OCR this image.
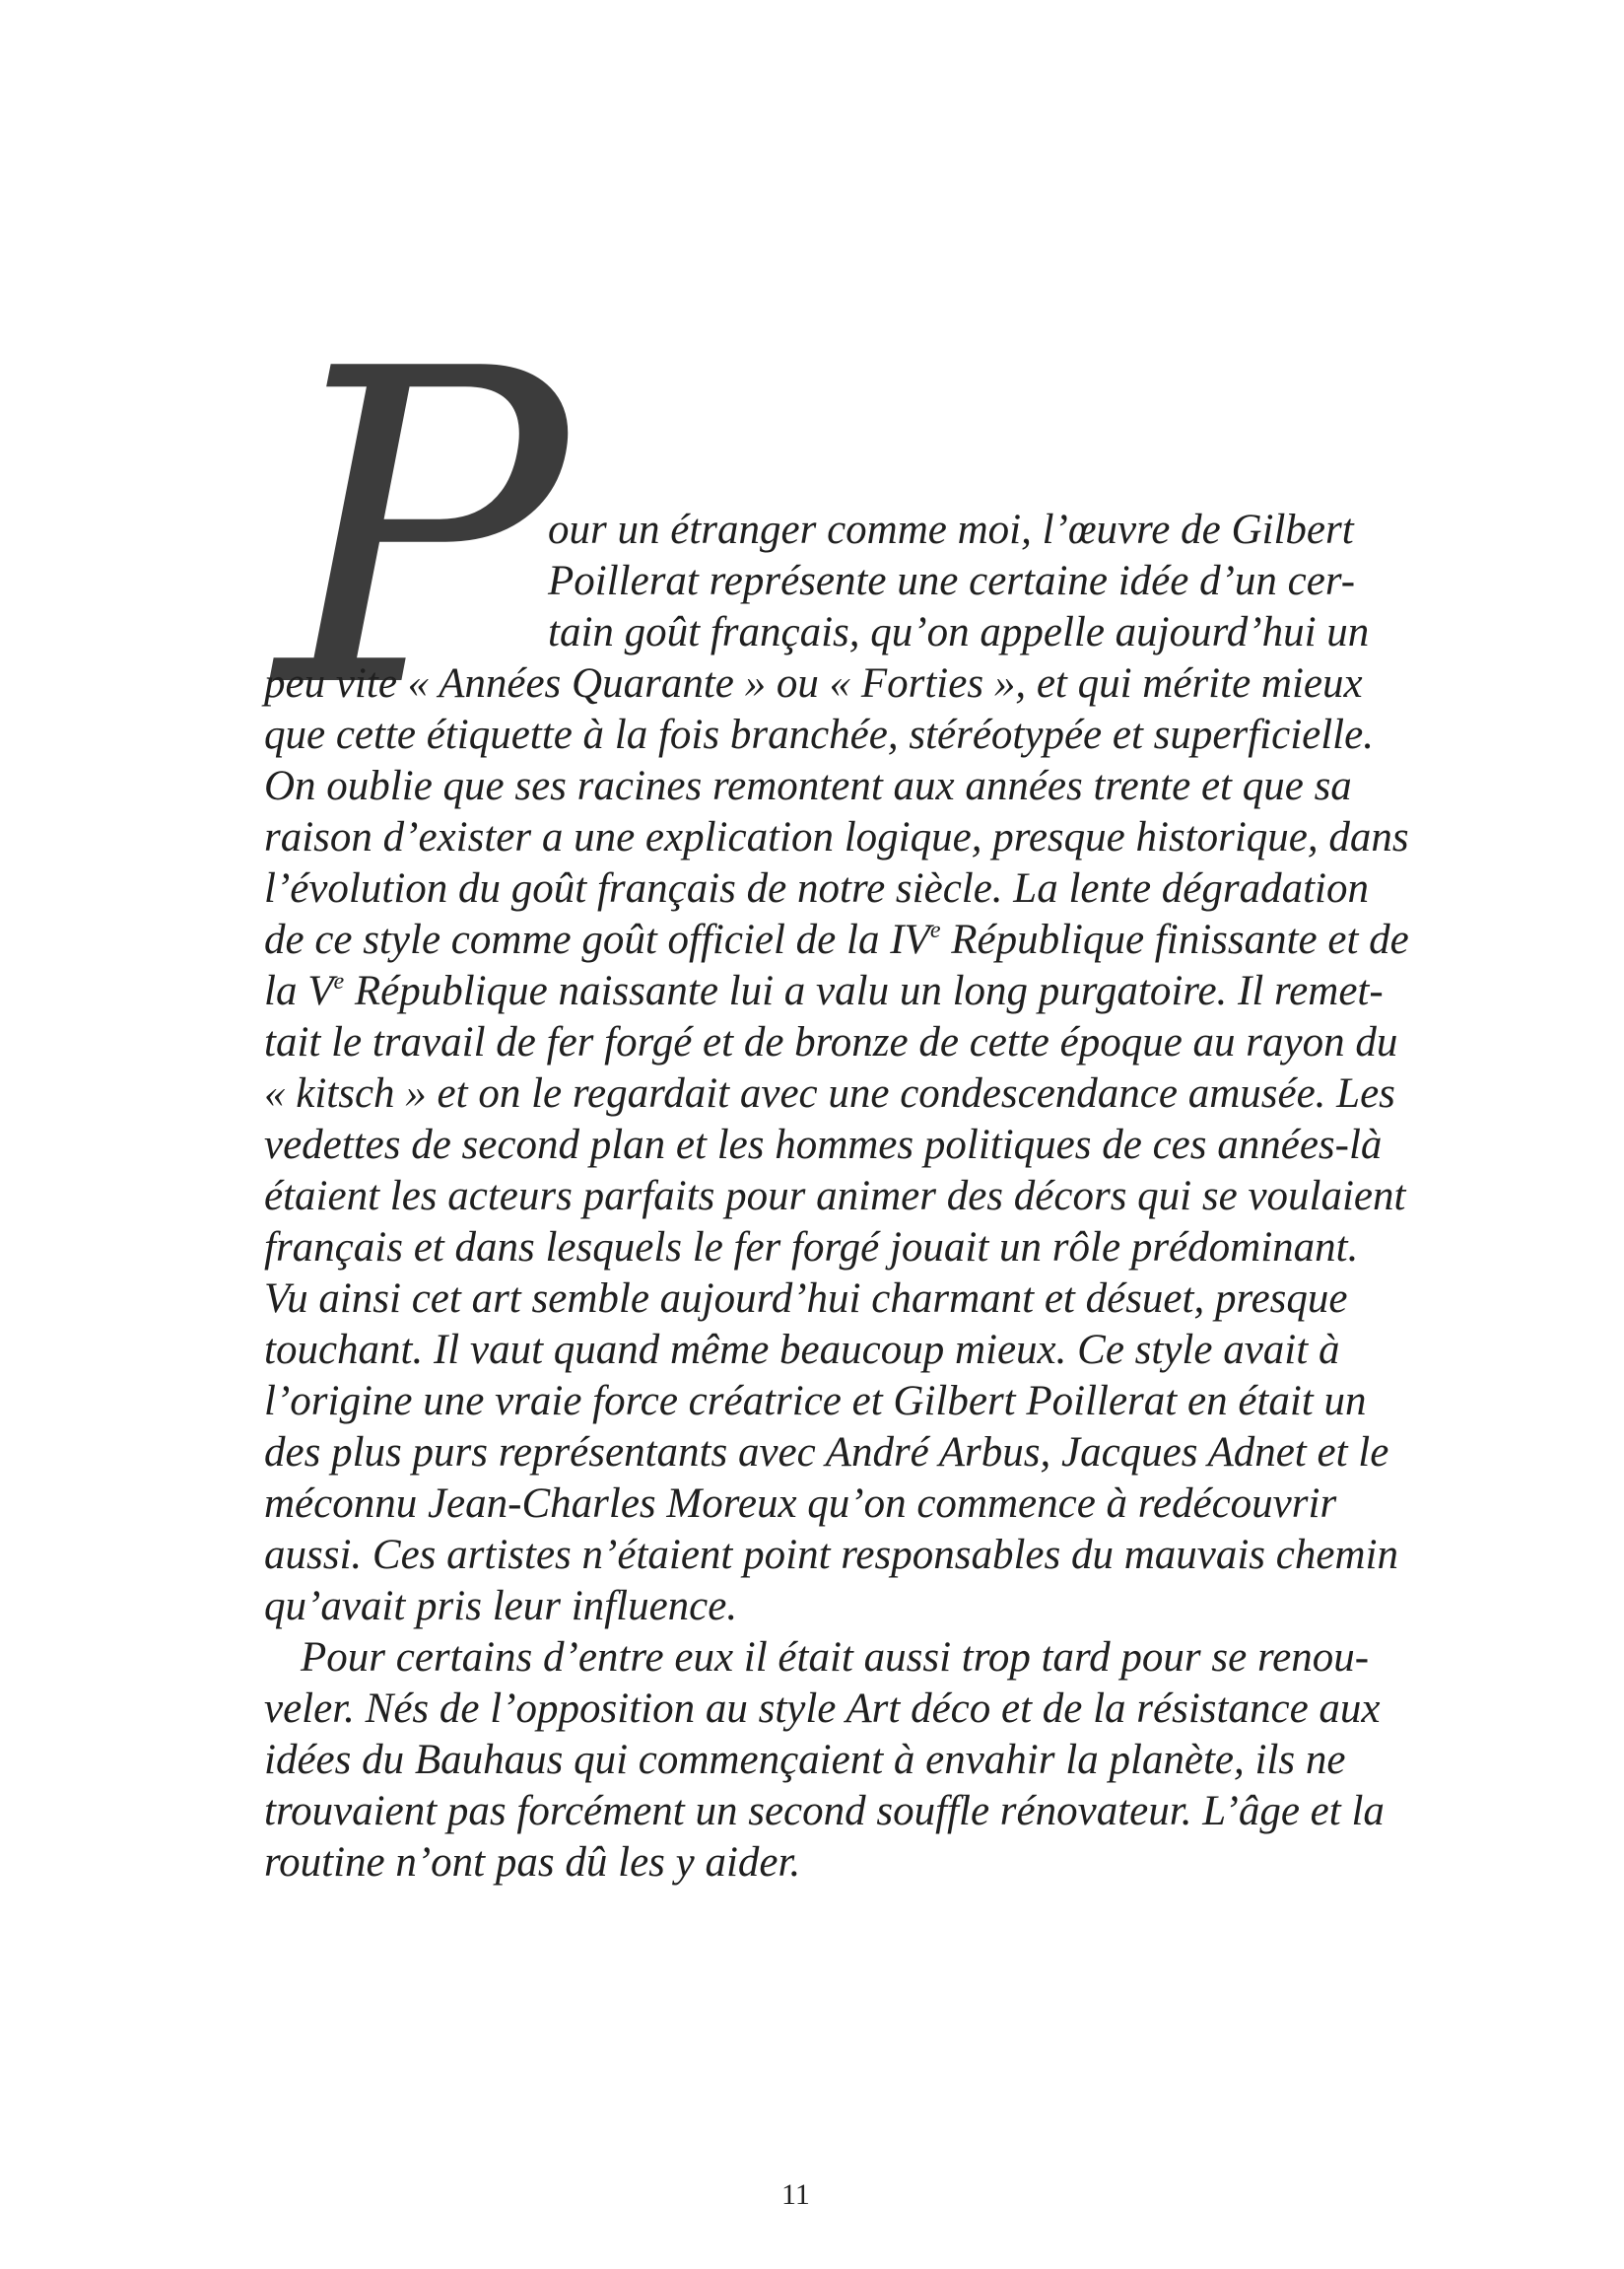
P
our un étranger comme moi, l’œuvre de Gilbert
Poillerat représente une certaine idée d’un cer-
tain goût français, qu’on appelle aujourd’hui un
peu vite « Années Quarante » ou « Forties », et qui mérite mieux
que cette étiquette à la fois branchée, stéréotypée et superficielle.
On oublie que ses racines remontent aux années trente et que sa
raison d’exister a une explication logique, presque historique, dans
l’évolution du goût français de notre siècle. La lente dégradation
de ce style comme goût officiel de la IVe République finissante et de
la Ve République naissante lui a valu un long purgatoire. Il remet-
tait le travail de fer forgé et de bronze de cette époque au rayon du
« kitsch » et on le regardait avec une condescendance amusée. Les
vedettes de second plan et les hommes politiques de ces années-là
étaient les acteurs parfaits pour animer des décors qui se voulaient
français et dans lesquels le fer forgé jouait un rôle prédominant.
Vu ainsi cet art semble aujourd’hui charmant et désuet, presque
touchant. Il vaut quand même beaucoup mieux. Ce style avait à
l’origine une vraie force créatrice et Gilbert Poillerat en était un
des plus purs représentants avec André Arbus, Jacques Adnet et le
méconnu Jean-Charles Moreux qu’on commence à redécouvrir
aussi. Ces artistes n’étaient point responsables du mauvais chemin
qu’avait pris leur influence.
Pour certains d’entre eux il était aussi trop tard pour se renou-
veler. Nés de l’opposition au style Art déco et de la résistance aux
idées du Bauhaus qui commençaient à envahir la planète, ils ne
trouvaient pas forcément un second souffle rénovateur. L’âge et la
routine n’ont pas dû les y aider.
11
